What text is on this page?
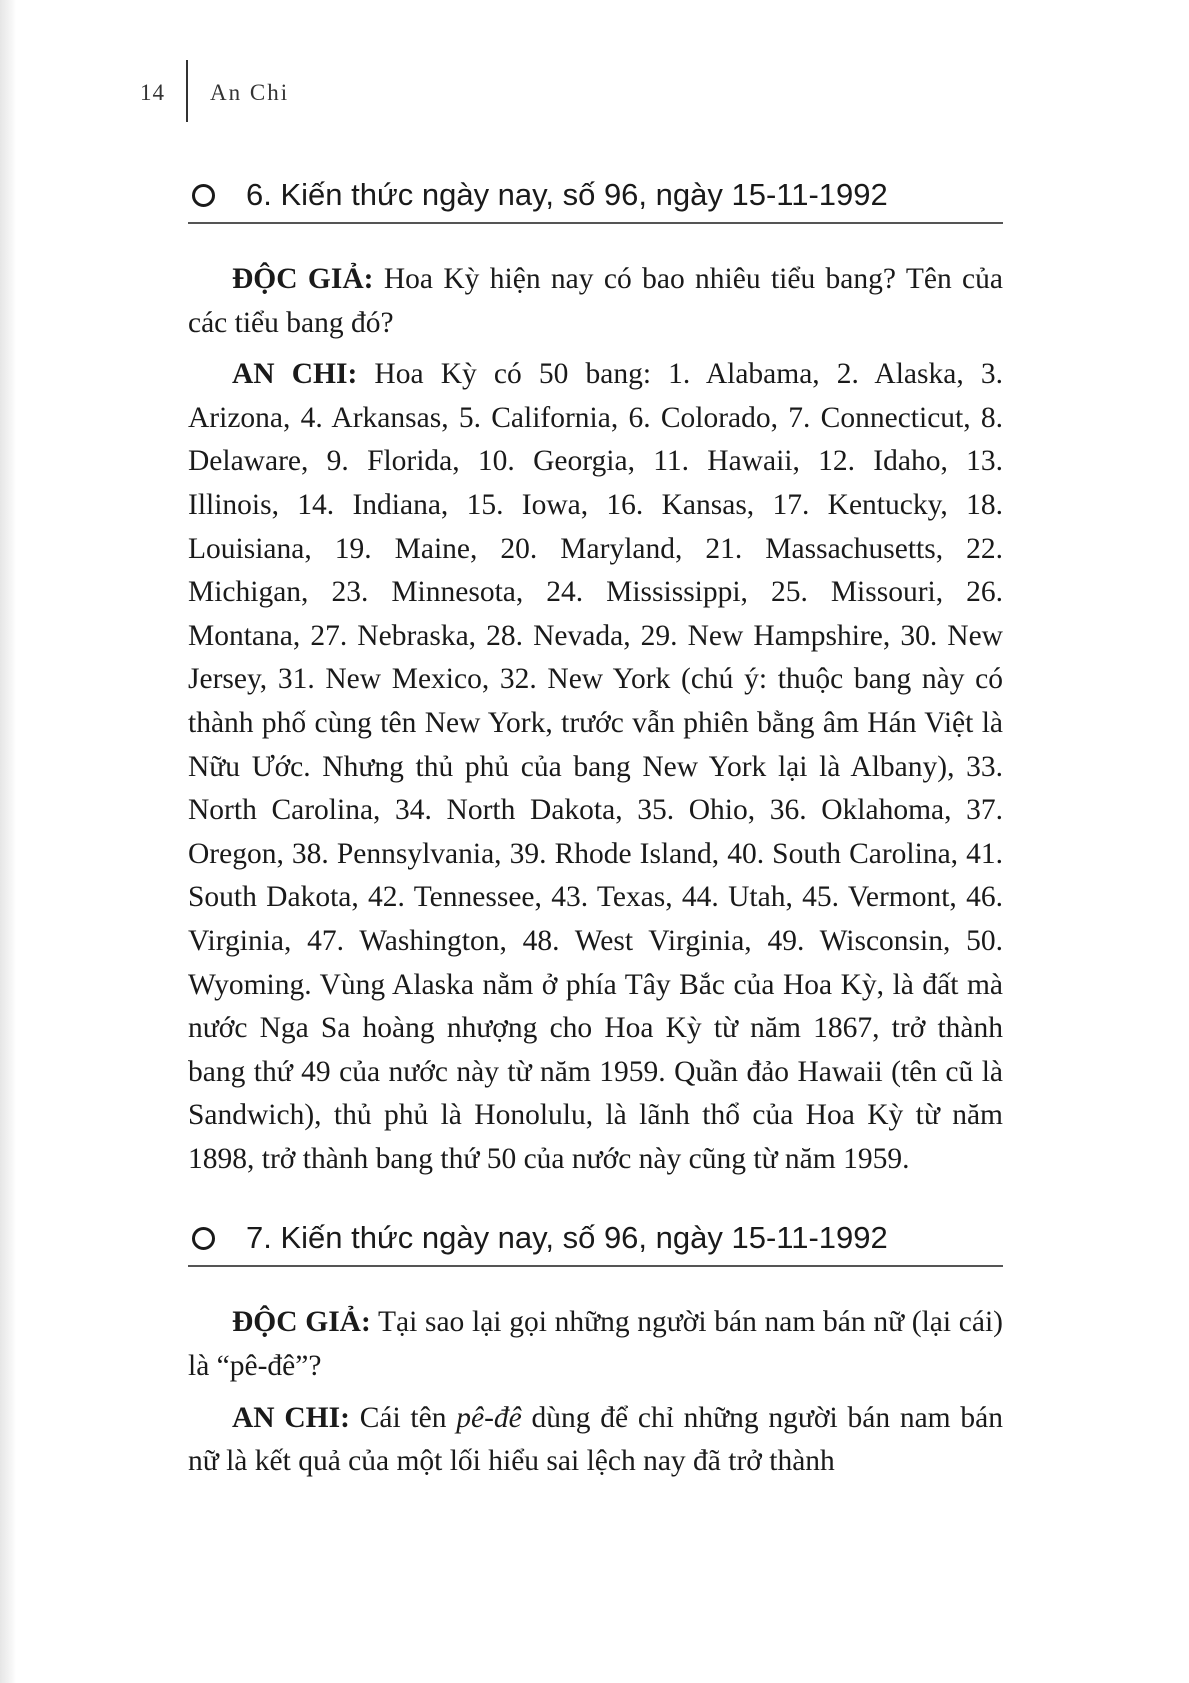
14 An Chi
6. Kiến thức ngày nay, số 96, ngày 15-11-1992

ĐỘC GIẢ: Hoa Kỳ hiện nay có bao nhiêu tiểu bang? Tên của các tiểu bang đó?

AN CHI: Hoa Kỳ có 50 bang: 1. Alabama, 2. Alaska, 3. Arizona, 4. Arkansas, 5. California, 6. Colorado, 7. Connecticut, 8. Delaware, 9. Florida, 10. Georgia, 11. Hawaii, 12. Idaho, 13. Illinois, 14. Indiana, 15. Iowa, 16. Kansas, 17. Kentucky, 18. Louisiana, 19. Maine, 20. Maryland, 21. Massachusetts, 22. Michigan, 23. Minnesota, 24. Mississippi, 25. Missouri, 26. Montana, 27. Nebraska, 28. Nevada, 29. New Hampshire, 30. New Jersey, 31. New Mexico, 32. New York (chú ý: thuộc bang này có thành phố cùng tên New York, trước vẫn phiên bằng âm Hán Việt là Nữu Ước. Nhưng thủ phủ của bang New York lại là Albany), 33. North Carolina, 34. North Dakota, 35. Ohio, 36. Oklahoma, 37. Oregon, 38. Pennsylvania, 39. Rhode Island, 40. South Carolina, 41. South Dakota, 42. Tennessee, 43. Texas, 44. Utah, 45. Vermont, 46. Virginia, 47. Washington, 48. West Virginia, 49. Wisconsin, 50. Wyoming. Vùng Alaska nằm ở phía Tây Bắc của Hoa Kỳ, là đất mà nước Nga Sa hoàng nhượng cho Hoa Kỳ từ năm 1867, trở thành bang thứ 49 của nước này từ năm 1959. Quần đảo Hawaii (tên cũ là Sandwich), thủ phủ là Honolulu, là lãnh thổ của Hoa Kỳ từ năm 1898, trở thành bang thứ 50 của nước này cũng từ năm 1959.

7. Kiến thức ngày nay, số 96, ngày 15-11-1992

ĐỘC GIẢ: Tại sao lại gọi những người bán nam bán nữ (lại cái) là “pê-đê”?

AN CHI: Cái tên pê-đê dùng để chỉ những người bán nam bán nữ là kết quả của một lối hiểu sai lệch nay đã trở thành
